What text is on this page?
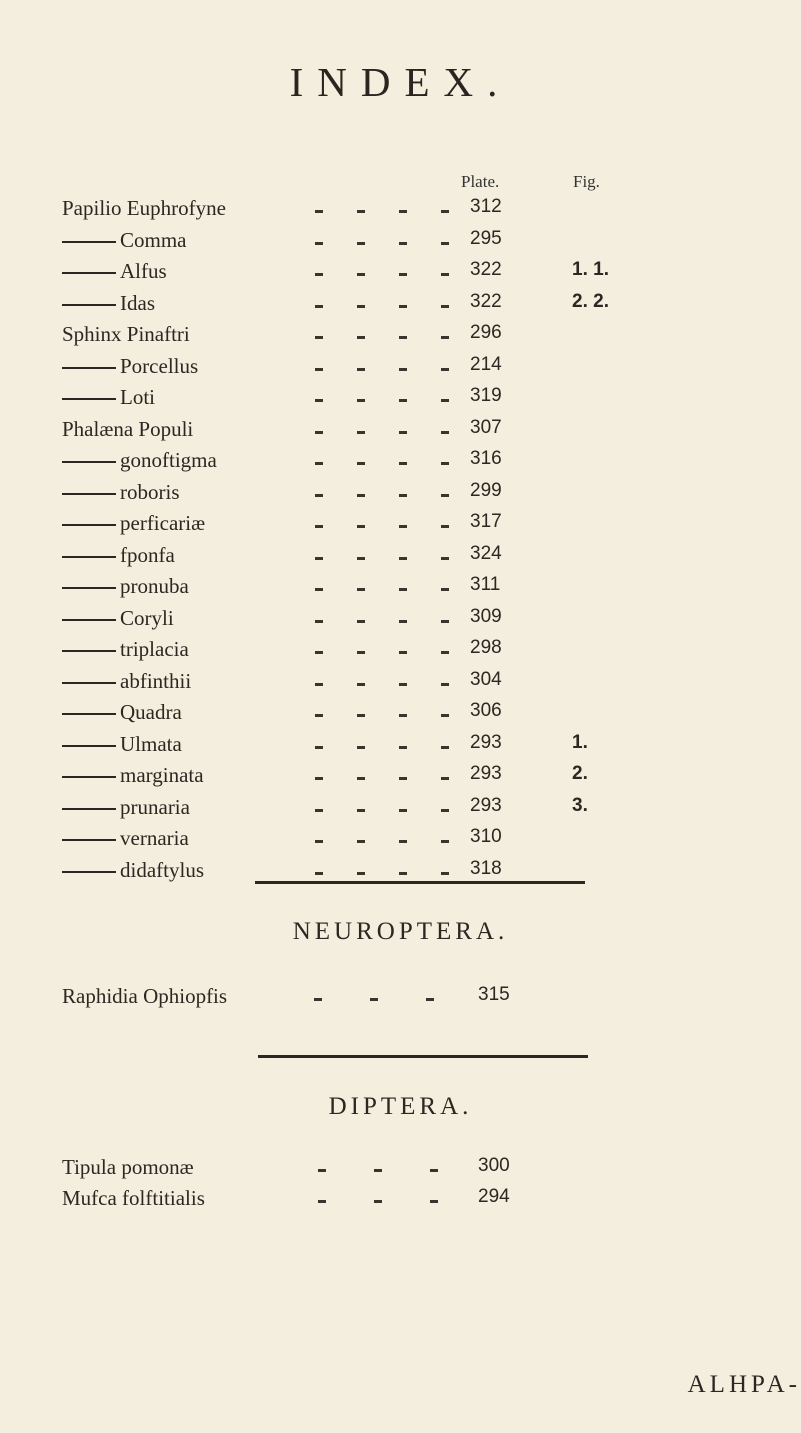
INDEX.
Plate.	Fig.
Papilio Euphrofyne	312
Comma	295
Alfus	322	1. 1.
Idas	322	2. 2.
Sphinx Pinaftri	296
Porcellus	214
Loti	319
Phalæna Populi	307
gonoftigma	316
roboris	299
perficariæ	317
fponfa	324
pronuba	311
Coryli	309
triplacia	298
abfinthii	304
Quadra	306
Ulmata	293	1.
marginata	293	2.
prunaria	293	3.
vernaria	310
didaftylus	318
NEUROPTERA.
Raphidia Ophiopfis	315
DIPTERA.
Tipula pomonæ	300
Mufca folftitialis	294
ALHPA-
